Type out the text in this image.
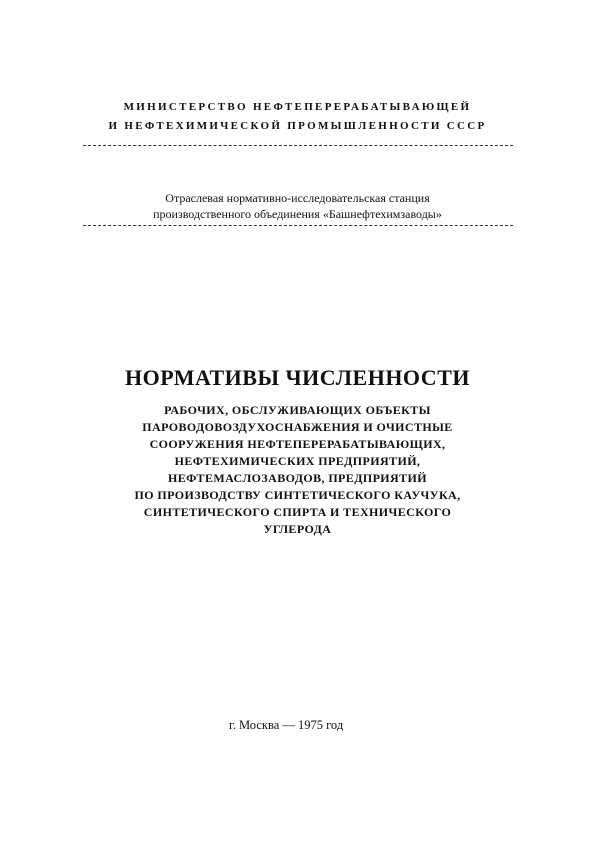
МИНИСТЕРСТВО НЕФТЕПЕРЕРАБАТЫВАЮЩЕЙ
И НЕФТЕХИМИЧЕСКОЙ ПРОМЫШЛЕННОСТИ СССР
Отраслевая нормативно-исследовательская станция
производственного объединения «Башнефтехимзаводы»
НОРМАТИВЫ ЧИСЛЕННОСТИ
РАБОЧИХ, ОБСЛУЖИВАЮЩИХ ОБЪЕКТЫ
ПАРОВОДОВОЗДУХОСНАБЖЕНИЯ И ОЧИСТНЫЕ
СООРУЖЕНИЯ НЕФТЕПЕРЕРАБАТЫВАЮЩИХ,
НЕФТЕХИМИЧЕСКИХ ПРЕДПРИЯТИЙ,
НЕФТЕМАСЛОЗАВОДОВ, ПРЕДПРИЯТИЙ
ПО ПРОИЗВОДСТВУ СИНТЕТИЧЕСКОГО КАУЧУКА,
СИНТЕТИЧЕСКОГО СПИРТА И ТЕХНИЧЕСКОГО
УГЛЕРОДА
г. Москва — 1975 год
